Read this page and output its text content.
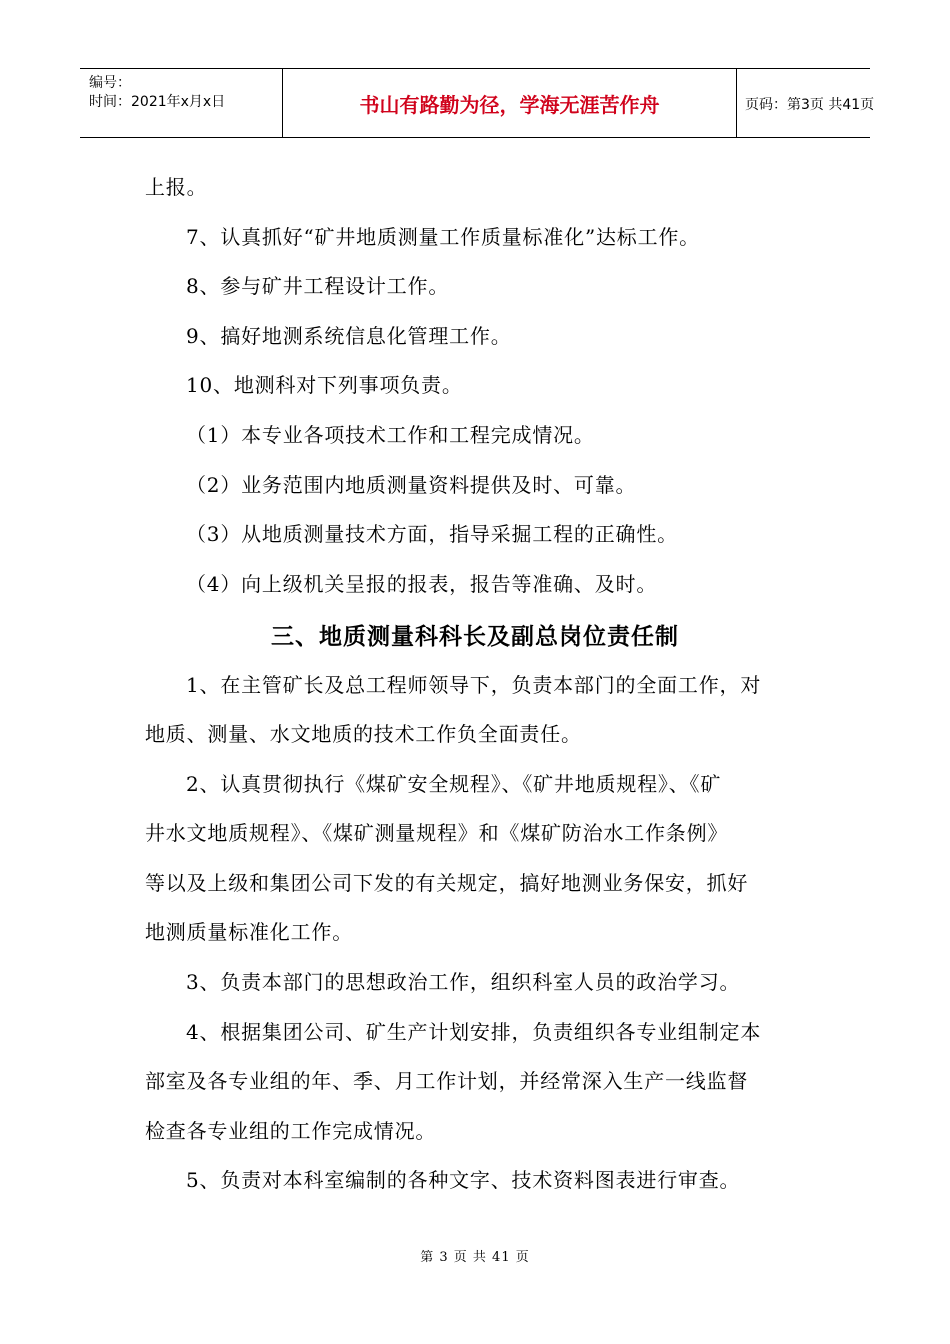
编号：
时间：2021年x月x日	书山有路勤为径，学海无涯苦作舟	页码：第3页 共41页
上报。
7、认真抓好“矿井地质测量工作质量标准化”达标工作。
8、参与矿井工程设计工作。
9、搞好地测系统信息化管理工作。
10、地测科对下列事项负责。
（1）本专业各项技术工作和工程完成情况。
（2）业务范围内地质测量资料提供及时、可靠。
（3）从地质测量技术方面，指导采掘工程的正确性。
（4）向上级机关呈报的报表，报告等准确、及时。
三、地质测量科科长及副总岗位责任制
1、在主管矿长及总工程师领导下，负责本部门的全面工作，对
地质、测量、水文地质的技术工作负全面责任。
2、认真贯彻执行《煤矿安全规程》、《矿井地质规程》、《矿
井水文地质规程》、《煤矿测量规程》和《煤矿防治水工作条例》
等以及上级和集团公司下发的有关规定，搞好地测业务保安，抓好
地测质量标准化工作。
3、负责本部门的思想政治工作，组织科室人员的政治学习。
4、根据集团公司、矿生产计划安排，负责组织各专业组制定本
部室及各专业组的年、季、月工作计划，并经常深入生产一线监督
检查各专业组的工作完成情况。
5、负责对本科室编制的各种文字、技术资料图表进行审查。
第 3 页 共 41 页
